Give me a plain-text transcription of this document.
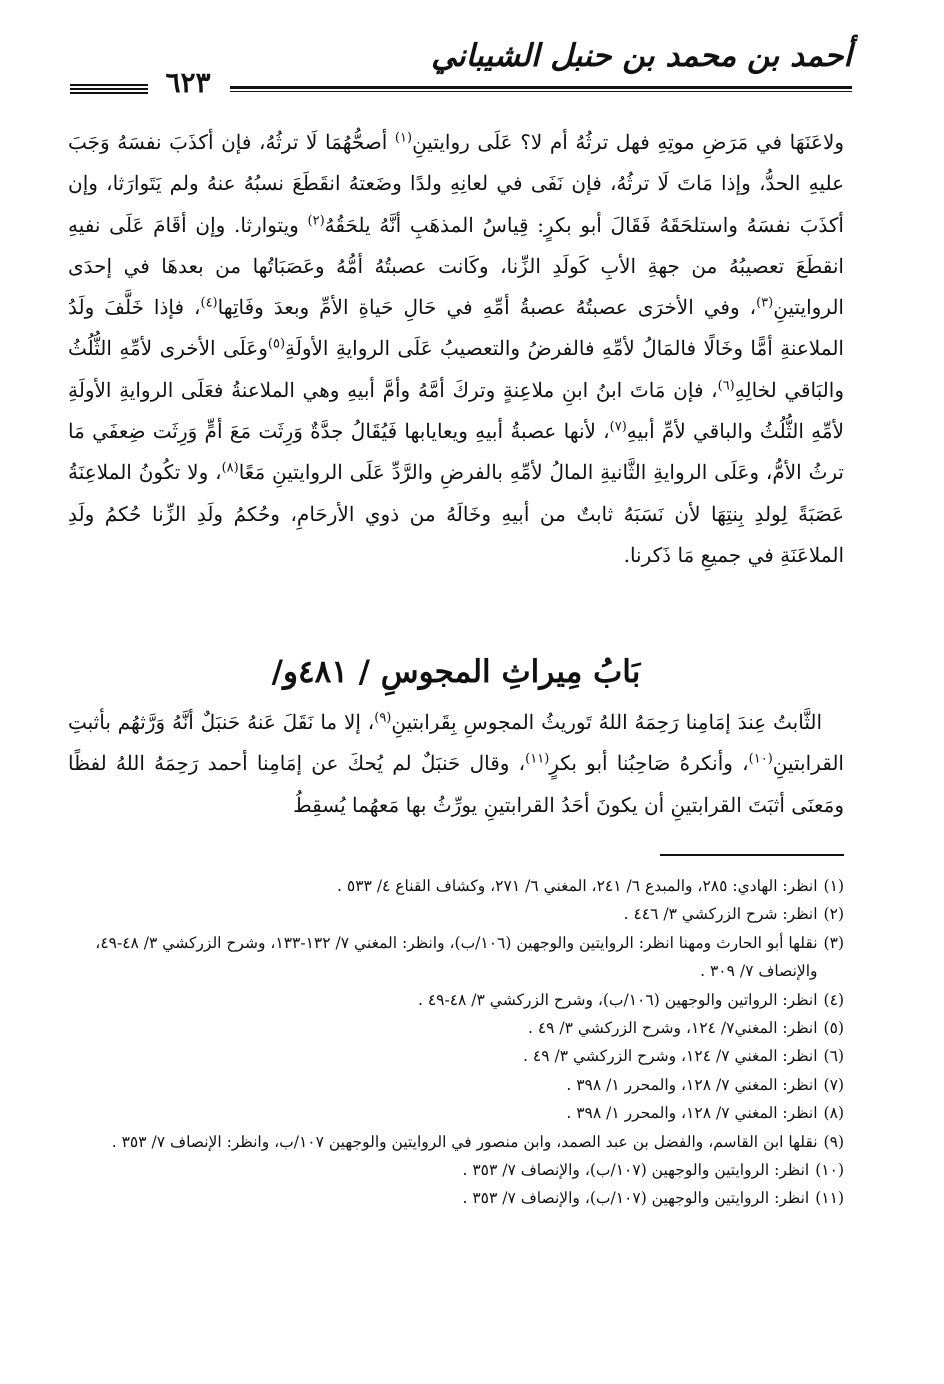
أحمد بن محمد بن حنبل الشيباني
٦٢٣

ولاعَنَهَا في مَرَضِ موتِهِ فهل ترثُهُ أم لا؟ عَلَى روايتينِ$^{(١)}$ أصحُّهُمَا لَا ترثُهُ، فإن أكذَبَ نفسَهُ وَجَبَ عليهِ الحدُّ، وإذا مَاتَ لَا ترثُهُ، فإن نَفَى في لعانِهِ ولدًا وضَعتهُ انقَطَعَ نسبُهُ عنهُ ولم يَتَوارَثا، وإن أكذَبَ نفسَهُ واستلحَقَهُ فَقَالَ أبو بكرٍ: قِياسُ المذهَبِ أنَّهُ يلحَقُهُ$^{(٢)}$ ويتوارثا. وإن أقَامَ عَلَى نفيهِ انقطَعَ تعصيبُهُ من جهةِ الأبِ كَولَدِ الزِّنا، وكَانت عصبتُهُ أمُّهُ وعَصَبَاتُها من بعدهَا في إحدَى الروايتينِ$^{(٣)}$، وفي الأخرَى عصبتُهُ عصبةُ أمِّهِ في حَالِ حَياةِ الأمِّ وبعدَ وفَاتِها$^{(٤)}$، فإذا خَلَّفَ ولَدُ الملاعنةِ أمًّا وخَالًا فالمَالُ لأمِّهِ فالفرضُ والتعصيبُ عَلَى الروايةِ الأولَةِ$^{(٥)}$وعَلَى الأخرى لأمِّهِ الثُّلُثُ والبَاقي لخالِهِ$^{(٦)}$، فإن مَاتَ ابنُ ابنِ ملاعِنةٍ وتركَ أمَّهُ وأمَّ أبيهِ وهي الملاعنةُ فعَلَى الروايةِ الأولَةِ لأمِّهِ الثُّلُثُ والباقي لأمِّ أبيهِ$^{(٧)}$، لأنها عصبةُ أبيهِ ويعايابها فَيُقَالُ جدَّةٌ وَرِثَت مَعَ أمٍّ وَرِثَت ضِعفَي مَا ترثُ الأمُّ، وعَلَى الروايةِ الثَّانيةِ المالُ لأمِّهِ بالفرضِ والرَّدِّ عَلَى الروايتينِ مَعًا$^{(٨)}$، ولا تكُونُ الملاعِنَةُ عَصَبَةً لِولدِ بِنتِهَا لأن نَسَبَهُ ثابتٌ من أبيهِ وخَالَهُ من ذوي الأرحَامِ، وحُكمُ ولَدِ الزِّنا حُكمُ ولَدِ الملاعَنَةِ في جميعِ مَا ذَكرنا.

بَابُ مِيراثِ المجوسِ / ٤٨١و/

الثَّابتُ عِندَ إمَامِنا رَحِمَهُ اللهُ تَوريثُ المجوسِ بِقَرابتينِ$^{(٩)}$، إلا ما نَقَلَ عَنهُ حَنبَلٌ أنَّهُ وَرَّثهُم بأثبتِ القرابتينِ$^{(١٠)}$، وأنكرهُ صَاحِبُنا أبو بكرٍ$^{(١١)}$، وقال حَنبَلٌ لم يُحكَ عن إمَامِنا أحمد رَحِمَهُ اللهُ لفظًا ومَعنَى أثبَتَ القرابتينِ أن يكونَ أحَدُ القرابتينِ يورِّثُ بها مَعهُما يُسقِطُ

(١)
انظر: الهادي: ٢٨٥، والمبدع ٦/ ٢٤١، المغني ٦/ ٢٧١، وكشاف القناع ٤/ ٥٣٣ .
(٢)
انظر: شرح الزركشي ٣/ ٤٤٦ .
(٣)
نقلها أبو الحارث ومهنا انظر: الروايتين والوجهين (١٠٦/ب)، وانظر: المغني ٧/ ١٣٢-١٣٣، وشرح الزركشي ٣/ ٤٨-٤٩، والإنصاف ٧/ ٣٠٩ .
(٤)
انظر: الرواتين والوجهين (١٠٦/ب)، وشرح الزركشي ٣/ ٤٨-٤٩ .
(٥)
انظر: المغني٧/ ١٢٤، وشرح الزركشي ٣/ ٤٩ .
(٦)
انظر: المغني ٧/ ١٢٤، وشرح الزركشي ٣/ ٤٩ .
(٧)
انظر: المغني ٧/ ١٢٨، والمحرر ١/ ٣٩٨ .
(٨)
انظر: المغني ٧/ ١٢٨، والمحرر ١/ ٣٩٨ .
(٩)
نقلها ابن القاسم، والفضل بن عبد الصمد، وابن منصور في الروايتين والوجهين ١٠٧/ب، وانظر: الإنصاف ٧/ ٣٥٣ .
(١٠)
انظر: الروايتين والوجهين (١٠٧/ب)، والإنصاف ٧/ ٣٥٣ .
(١١)
انظر: الروايتين والوجهين (١٠٧/ب)، والإنصاف ٧/ ٣٥٣ .
